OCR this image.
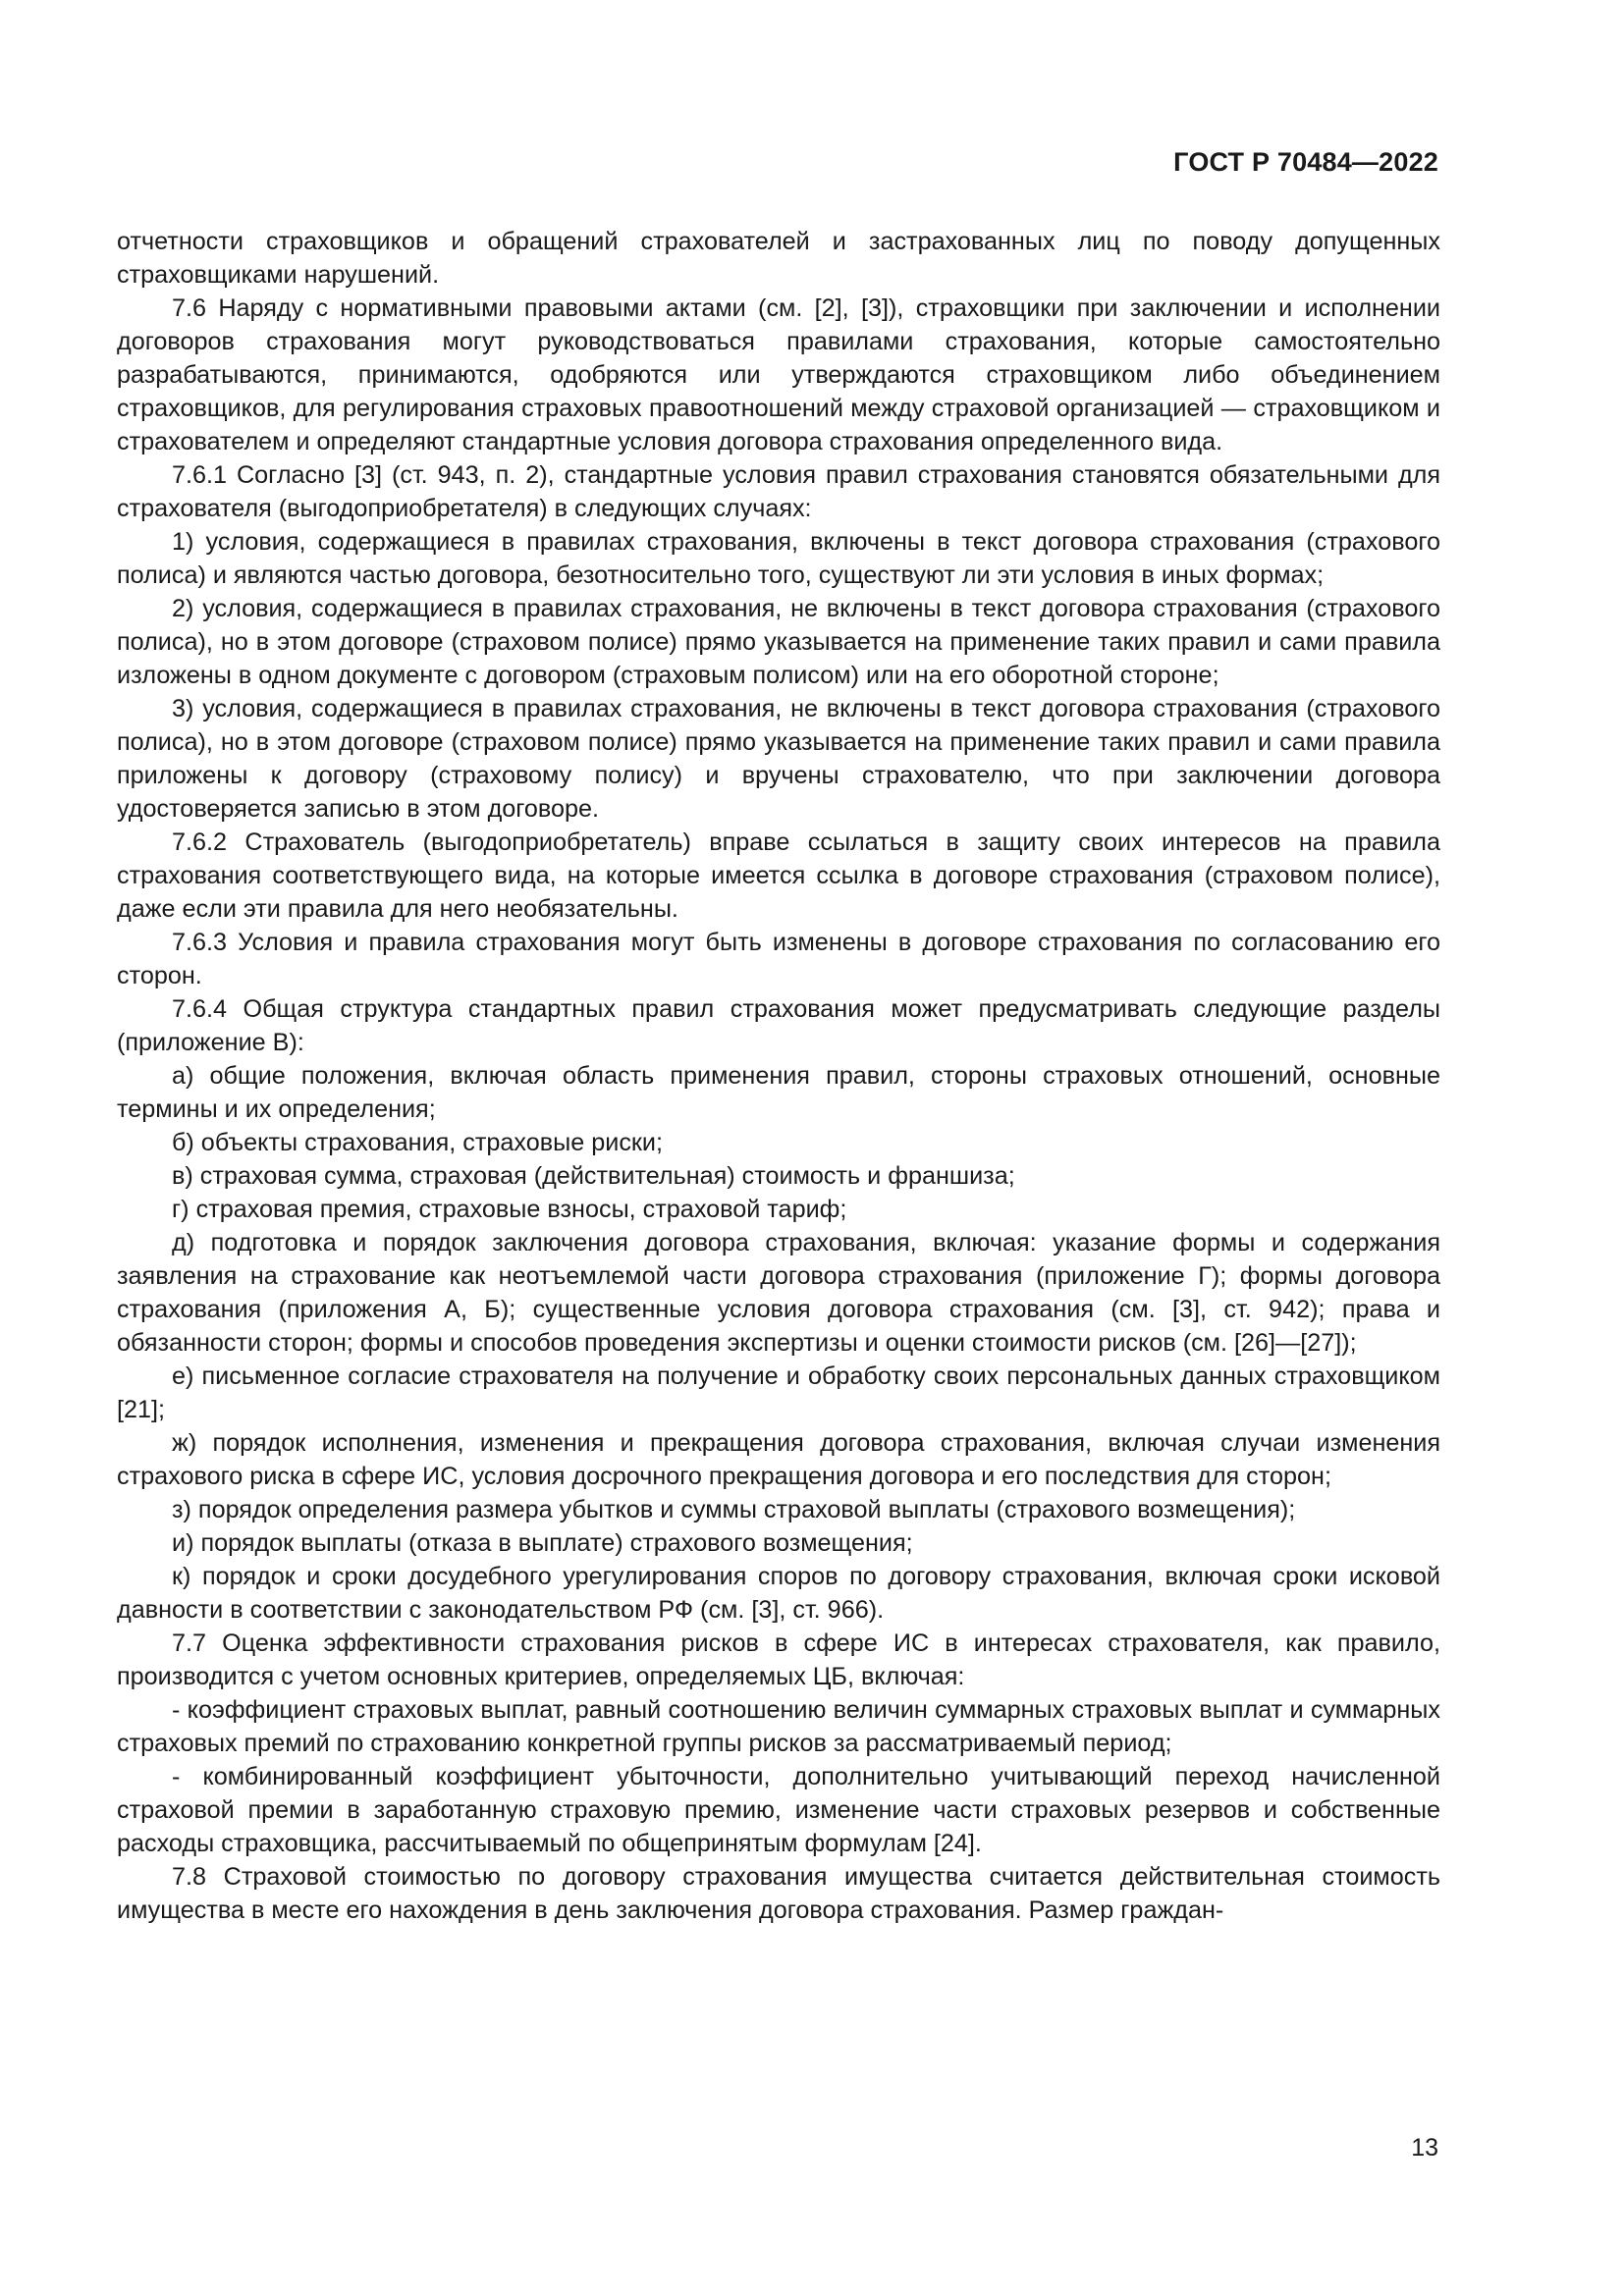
ГОСТ Р 70484—2022

отчетности страховщиков и обращений страхователей и застрахованных лиц по поводу допущенных страховщиками нарушений.

7.6 Наряду с нормативными правовыми актами (см. [2], [3]), страховщики при заключении и исполнении договоров страхования могут руководствоваться правилами страхования, которые самостоятельно разрабатываются, принимаются, одобряются или утверждаются страховщиком либо объединением страховщиков, для регулирования страховых правоотношений между страховой организацией — страховщиком и страхователем и определяют стандартные условия договора страхования определенного вида.

7.6.1 Согласно [3] (ст. 943, п. 2), стандартные условия правил страхования становятся обязательными для страхователя (выгодоприобретателя) в следующих случаях:

1) условия, содержащиеся в правилах страхования, включены в текст договора страхования (страхового полиса) и являются частью договора, безотносительно того, существуют ли эти условия в иных формах;

2) условия, содержащиеся в правилах страхования, не включены в текст договора страхования (страхового полиса), но в этом договоре (страховом полисе) прямо указывается на применение таких правил и сами правила изложены в одном документе с договором (страховым полисом) или на его оборотной стороне;

3) условия, содержащиеся в правилах страхования, не включены в текст договора страхования (страхового полиса), но в этом договоре (страховом полисе) прямо указывается на применение таких правил и сами правила приложены к договору (страховому полису) и вручены страхователю, что при заключении договора удостоверяется записью в этом договоре.

7.6.2 Страхователь (выгодоприобретатель) вправе ссылаться в защиту своих интересов на правила страхования соответствующего вида, на которые имеется ссылка в договоре страхования (страховом полисе), даже если эти правила для него необязательны.

7.6.3 Условия и правила страхования могут быть изменены в договоре страхования по согласованию его сторон.

7.6.4 Общая структура стандартных правил страхования может предусматривать следующие разделы (приложение В):

а) общие положения, включая область применения правил, стороны страховых отношений, основные термины и их определения;

б) объекты страхования, страховые риски;

в) страховая сумма, страховая (действительная) стоимость и франшиза;

г) страховая премия, страховые взносы, страховой тариф;

д) подготовка и порядок заключения договора страхования, включая: указание формы и содержания заявления на страхование как неотъемлемой части договора страхования (приложение Г); формы договора страхования (приложения А, Б); существенные условия договора страхования (см. [3], ст. 942); права и обязанности сторон; формы и способов проведения экспертизы и оценки стоимости рисков (см. [26]—[27]);

е) письменное согласие страхователя на получение и обработку своих персональных данных страховщиком [21];

ж) порядок исполнения, изменения и прекращения договора страхования, включая случаи изменения страхового риска в сфере ИС, условия досрочного прекращения договора и его последствия для сторон;

з) порядок определения размера убытков и суммы страховой выплаты (страхового возмещения);

и) порядок выплаты (отказа в выплате) страхового возмещения;

к) порядок и сроки досудебного урегулирования споров по договору страхования, включая сроки исковой давности в соответствии с законодательством РФ (см. [3], ст. 966).

7.7 Оценка эффективности страхования рисков в сфере ИС в интересах страхователя, как правило, производится с учетом основных критериев, определяемых ЦБ, включая:

- коэффициент страховых выплат, равный соотношению величин суммарных страховых выплат и суммарных страховых премий по страхованию конкретной группы рисков за рассматриваемый период;

- комбинированный коэффициент убыточности, дополнительно учитывающий переход начисленной страховой премии в заработанную страховую премию, изменение части страховых резервов и собственные расходы страховщика, рассчитываемый по общепринятым формулам [24].

7.8 Страховой стоимостью по договору страхования имущества считается действительная стоимость имущества в месте его нахождения в день заключения договора страхования. Размер граждан-

13
